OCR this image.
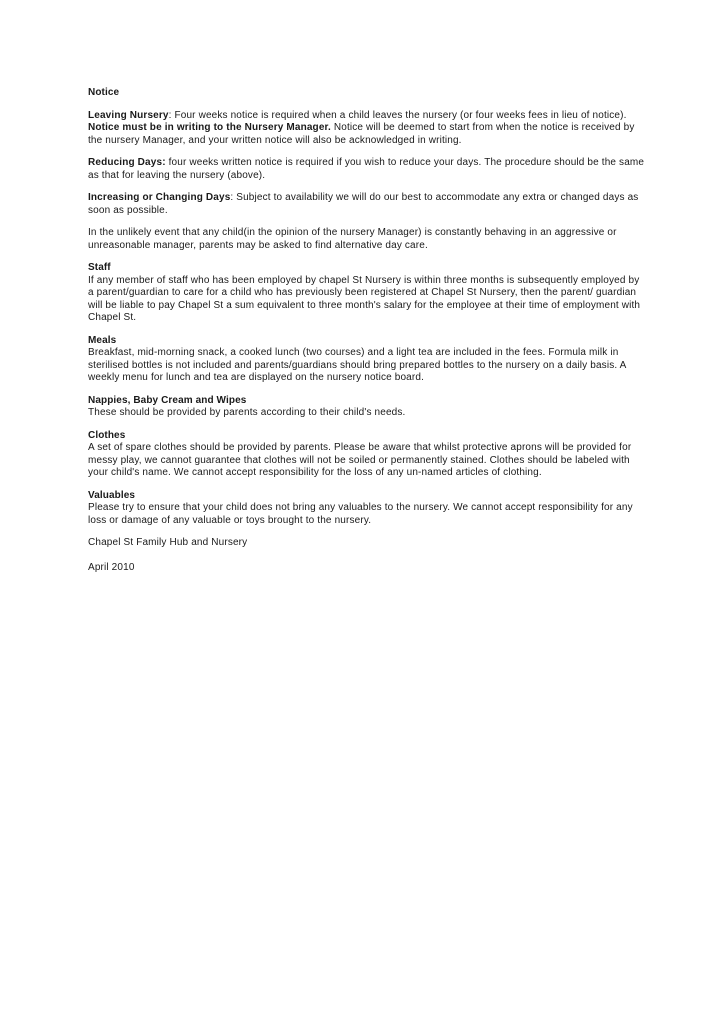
Notice

Leaving Nursery: Four weeks notice is required when a child leaves the nursery (or four weeks fees in lieu of notice). Notice must be in writing to the Nursery Manager. Notice will be deemed to start from when the notice is received by the nursery Manager, and your written notice will also be acknowledged in writing.

Reducing Days: four weeks written notice is required if you wish to reduce your days. The procedure should be the same as that for leaving the nursery (above).

Increasing or Changing Days: Subject to availability we will do our best to accommodate any extra or changed days as soon as possible.

In the unlikely event that any child(in the opinion of the nursery Manager) is constantly behaving in an aggressive or unreasonable manager, parents may be asked to find alternative day care.

Staff
If any member of staff who has been employed by chapel St Nursery is within three months is subsequently employed by a parent/guardian to care for a child who has previously been registered at Chapel St Nursery, then the parent/ guardian will be liable to pay Chapel St a sum equivalent to three month's salary for the employee at their time of employment with Chapel St.
Meals
Breakfast, mid-morning snack, a cooked lunch (two courses) and a light tea are included in the fees. Formula milk in sterilised bottles is not included and parents/guardians should bring prepared bottles to the nursery on a daily basis. A weekly menu for lunch and tea are displayed on the nursery notice board.
Nappies, Baby Cream and Wipes
These should be provided by parents according to their child's needs.
Clothes
A set of spare clothes should be provided by parents. Please be aware that whilst protective aprons will be provided for messy play, we cannot guarantee that clothes will not be soiled or permanently stained. Clothes should be labeled with your child's name. We cannot accept responsibility for the loss of any un-named articles of clothing.
Valuables
Please try to ensure that your child does not bring any valuables to the nursery. We cannot accept responsibility for any loss or damage of any valuable or toys brought to the nursery.

Chapel St Family Hub and Nursery

April 2010
